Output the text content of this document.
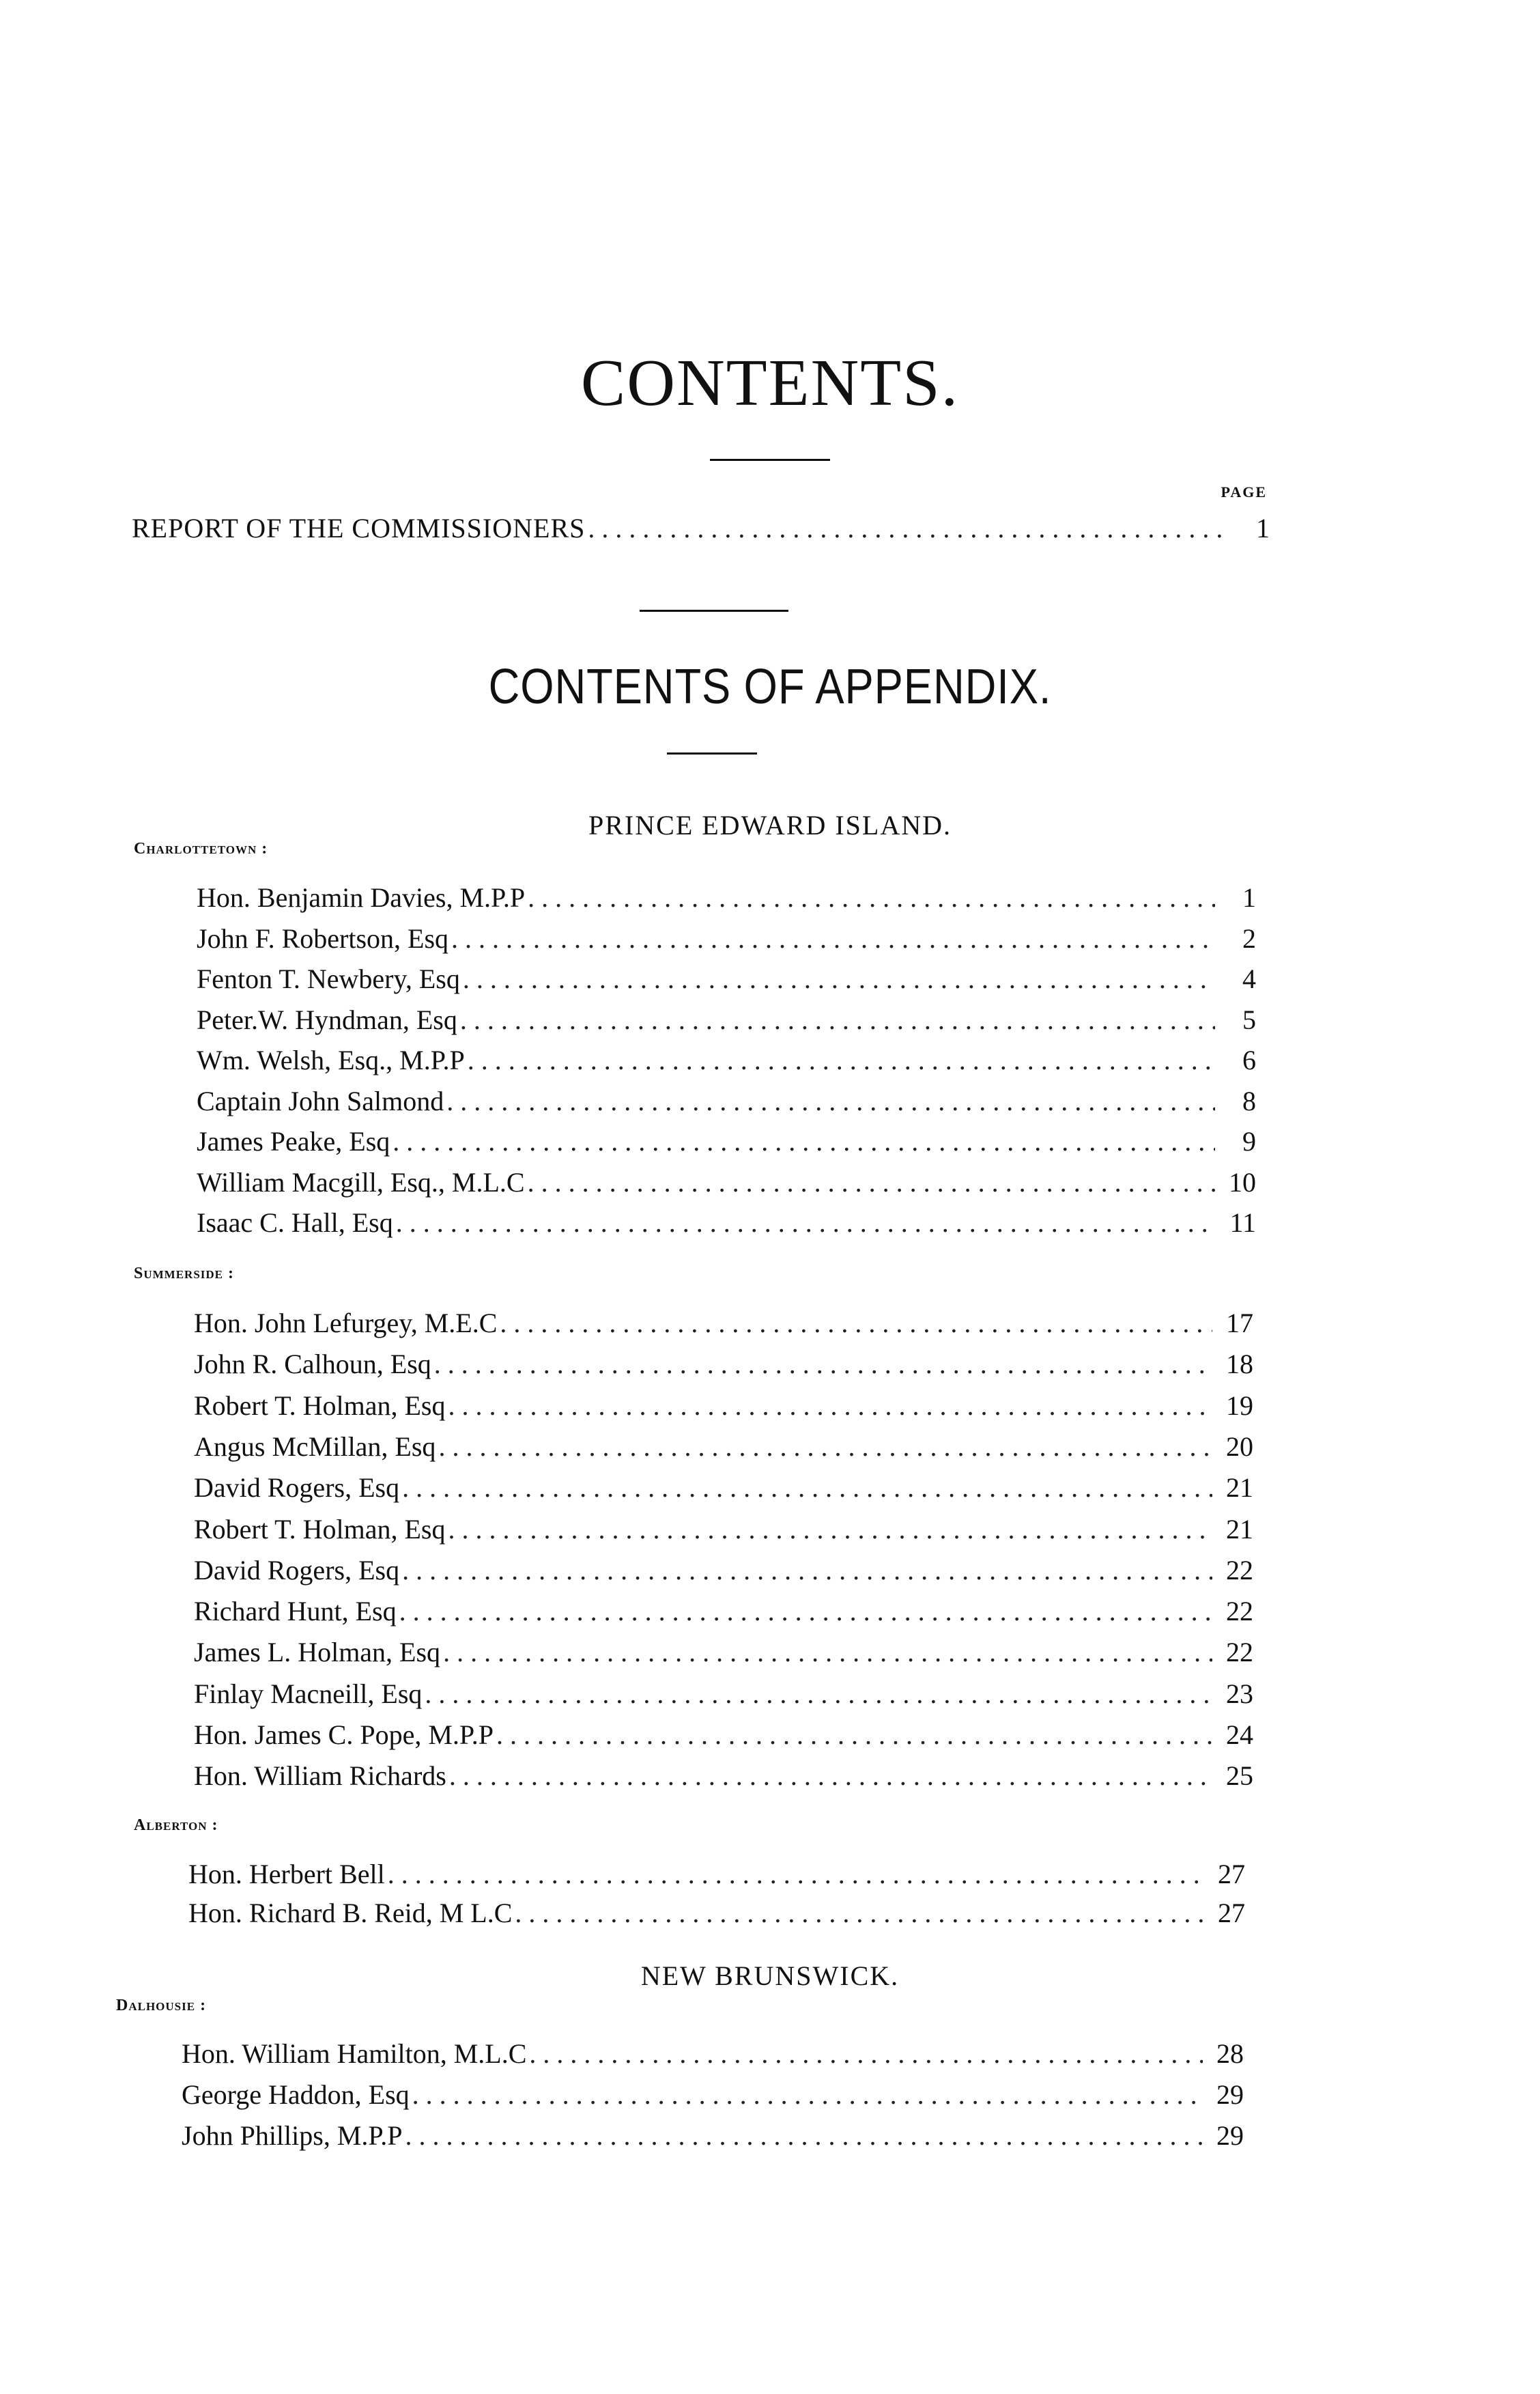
CONTENTS.
PAGE
REPORT OF THE COMMISSIONERS . . .	1
CONTENTS OF APPENDIX.
PRINCE EDWARD ISLAND.
Charlottetown :
Summerside :
Alberton :
NEW BRUNSWICK.
Dalhousie :
Hon. Benjamin Davies, M.P.P . . .	1
John F. Robertson, Esq . . .	2
Fenton T. Newbery, Esq . . .	4
Peter.W. Hyndman, Esq . . .	5
Wm. Welsh, Esq., M.P.P . . .	6
Captain John Salmond . . .	8
James Peake, Esq . . .	9
William Macgill, Esq., M.L.C . . .	10
Isaac C. Hall, Esq . . .	11
Hon. John Lefurgey, M.E.C . . .	17
John R. Calhoun, Esq . . .	18
Robert T. Holman, Esq . . .	19
Angus McMillan, Esq . . .	20
David Rogers, Esq . . .	21
Robert T. Holman, Esq . . .	21
David Rogers, Esq . . .	22
Richard Hunt, Esq . . .	22
James L. Holman, Esq . . .	22
Finlay Macneill, Esq . . .	23
Hon. James C. Pope, M.P.P . . .	24
Hon. William Richards . . .	25
Hon. Herbert Bell . . .	27
Hon. Richard B. Reid, M L.C . . .	27
Hon. William Hamilton, M.L.C . . .	28
George Haddon, Esq . . .	29
John Phillips, M.P.P . . .	29
